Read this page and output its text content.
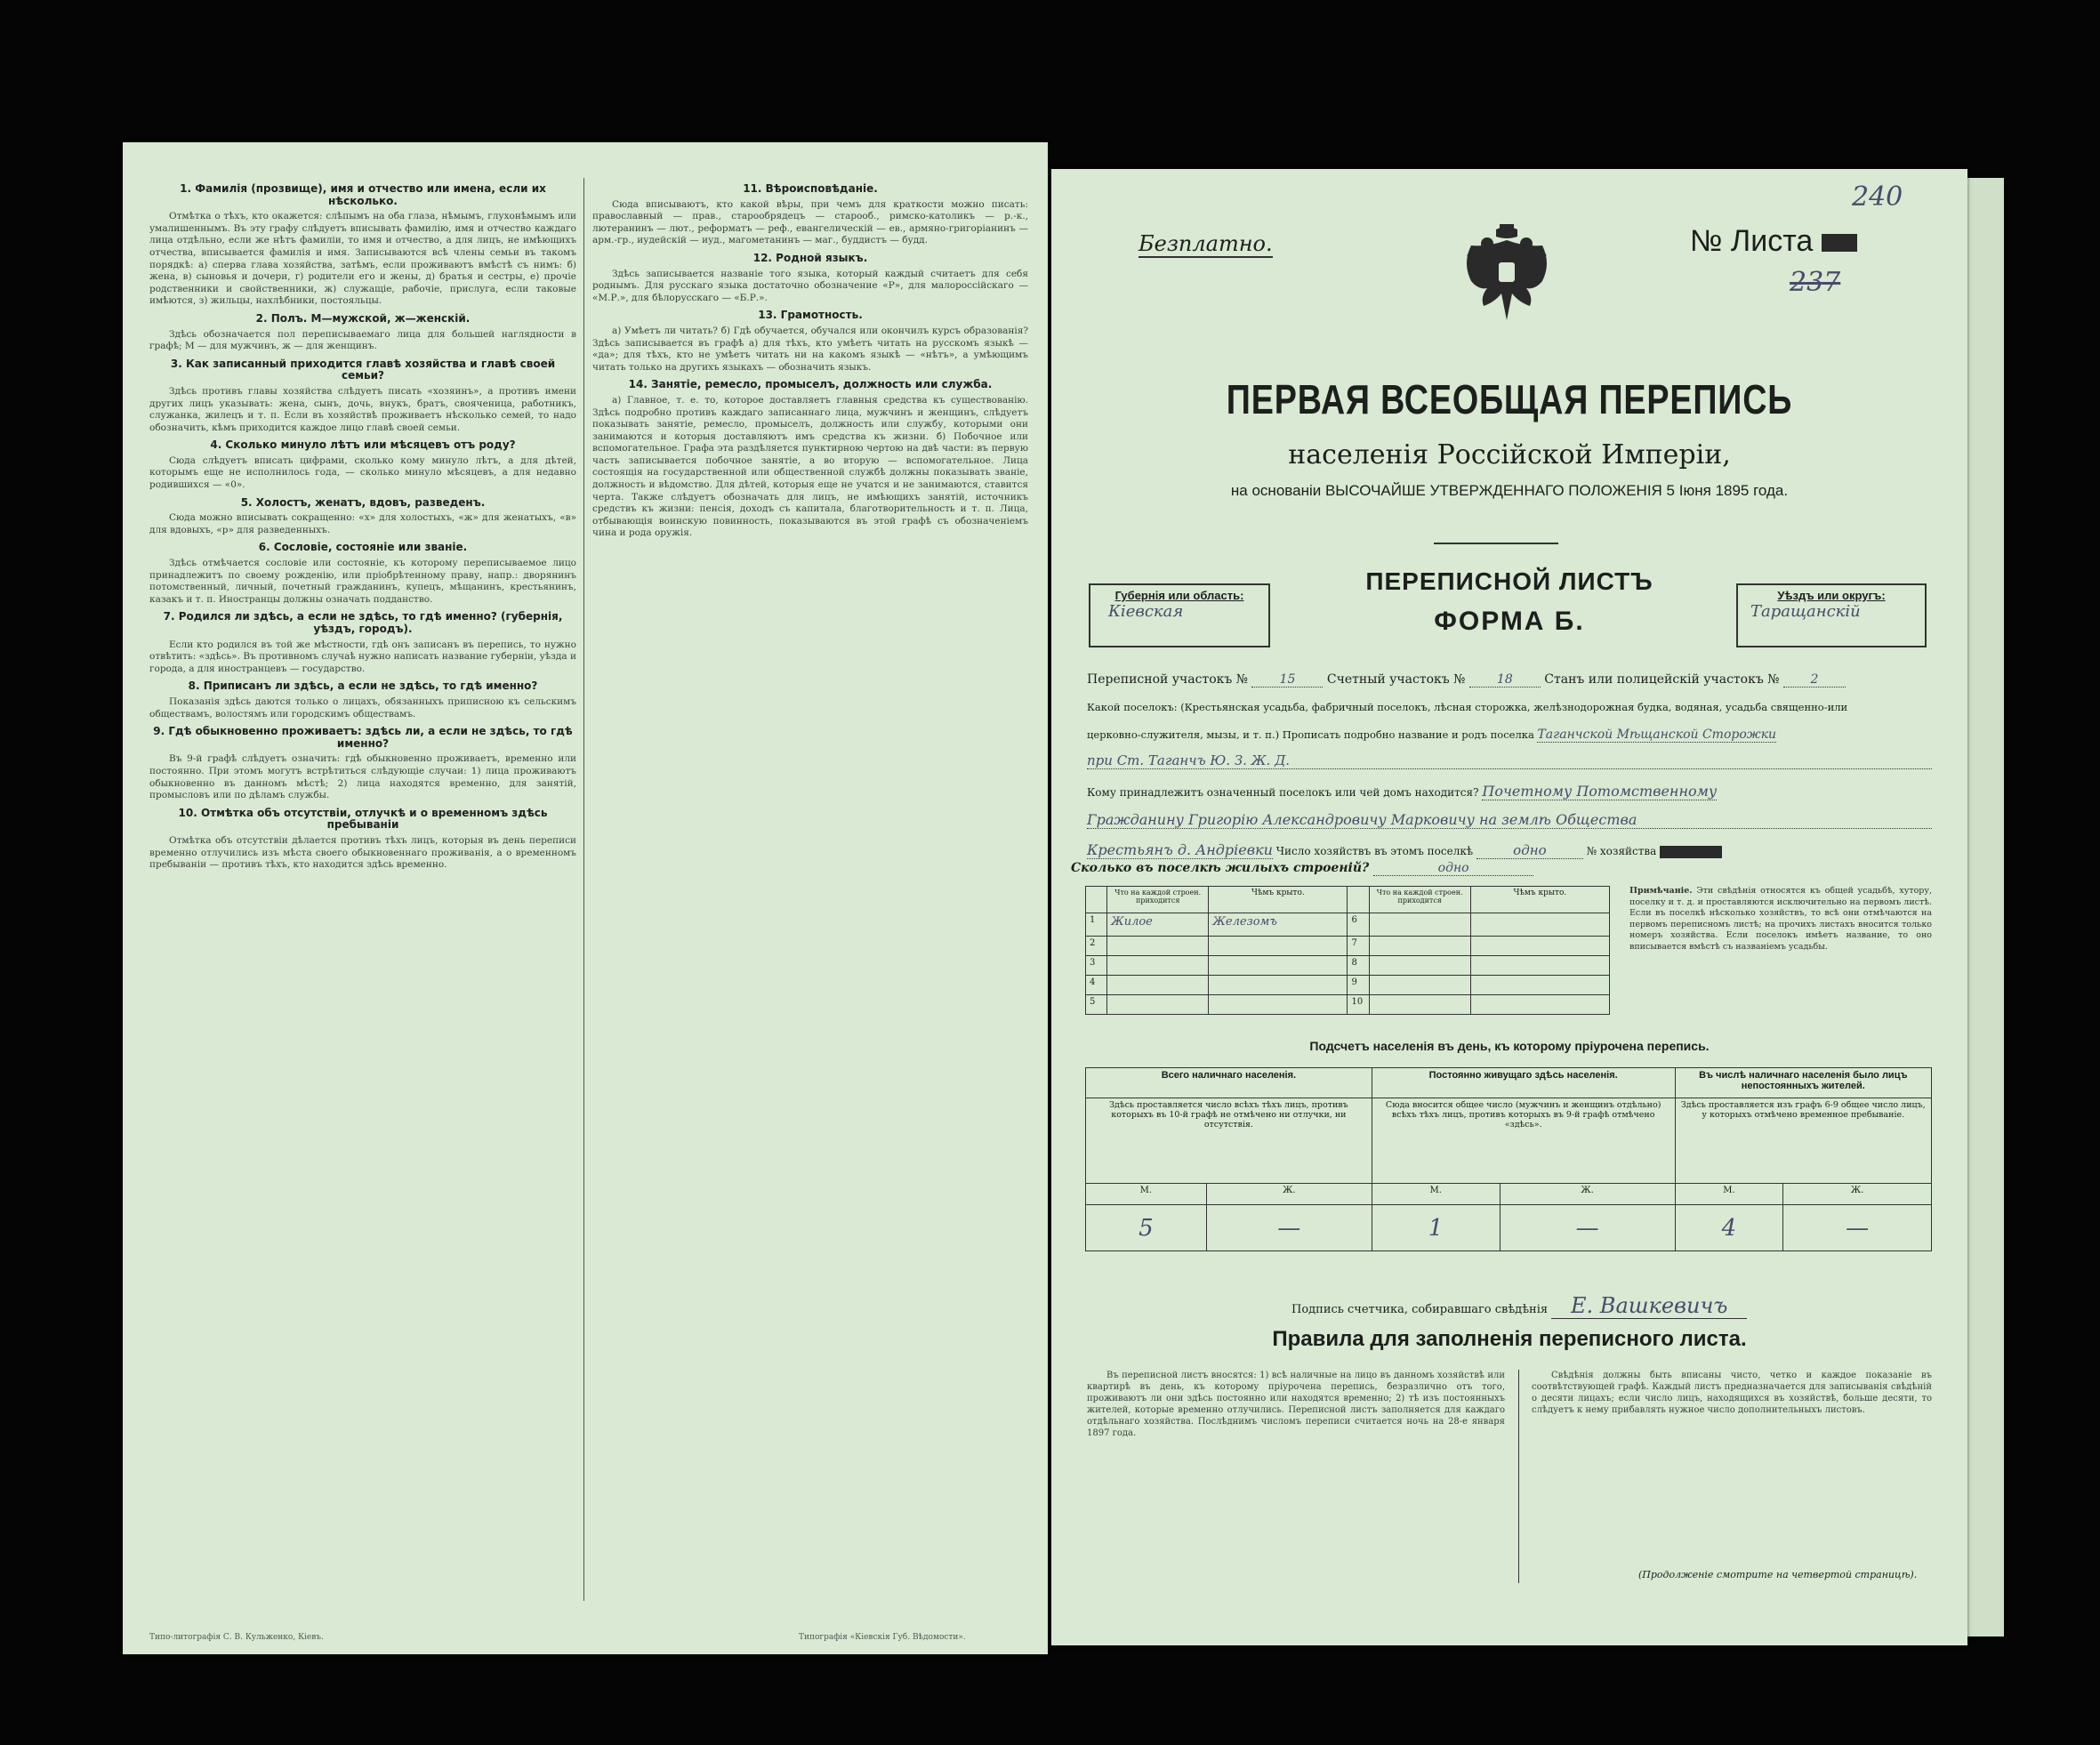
1. Фамилія (прозвище), имя и отчество или имена, если их нѣсколько.
Отмѣтка о тѣхъ, кто окажется: слѣпымъ на оба глаза, нѣмымъ, глухонѣмымъ или умалишеннымъ. Въ эту графу слѣдуетъ вписывать фамилію, имя и отчество каждаго лица отдѣльно, если же нѣтъ фамиліи, то имя и отчество, а для лицъ, не имѣющихъ отчества, вписывается фамилія и имя. Записываются всѣ члены семьи въ такомъ порядкѣ: а) сперва глава хозяйства, затѣмъ, если проживаютъ вмѣстѣ съ нимъ: б) жена, в) сыновья и дочери, г) родители его и жены, д) братья и сестры, е) прочіе родственники и свойственники, ж) служащіе, рабочіе, прислуга, если таковые имѣются, з) жильцы, нахлѣбники, постояльцы.
2. Полъ. М—мужской, ж—женскій.
Здѣсь обозначается пол переписываемаго лица для большей наглядности в графѣ; М — для мужчинъ, ж — для женщинъ.
3. Как записанный приходится главѣ хозяйства и главѣ своей семьи?
Здѣсь противъ главы хозяйства слѣдуетъ писать «хозяинъ», а противъ имени других лицъ указывать: жена, сынъ, дочь, внукъ, братъ, свояченица, работникъ, служанка, жилецъ и т. п. Если въ хозяйствѣ проживаетъ нѣсколько семей, то надо обозначить, кѣмъ приходится каждое лицо главѣ своей семьи.
4. Сколько минуло лѣтъ или мѣсяцевъ отъ роду?
Сюда слѣдуетъ вписать цифрами, сколько кому минуло лѣтъ, а для дѣтей, которымъ еще не исполнилось года, — сколько минуло мѣсяцевъ, а для недавно родившихся — «0».
5. Холостъ, женатъ, вдовъ, разведенъ.
Сюда можно вписывать сокращенно: «х» для холостыхъ, «ж» для женатыхъ, «в» для вдовыхъ, «р» для разведенныхъ.
6. Сословіе, состояніе или званіе.
Здѣсь отмѣчается сословіе или состояніе, къ которому переписываемое лицо принадлежитъ по своему рожденію, или пріобрѣтенному праву, напр.: дворянинъ потомственный, личный, почетный гражданинъ, купецъ, мѣщанинъ, крестьянинъ, казакъ и т. п. Иностранцы должны означать подданство.
7. Родился ли здѣсь, а если не здѣсь, то гдѣ именно? (губернія, уѣздъ, городъ).
Если кто родился въ той же мѣстности, гдѣ онъ записанъ въ перепись, то нужно отвѣтить: «здѣсь». Въ противномъ случаѣ нужно написать название губерніи, уѣзда и города, а для иностранцевъ — государство.
8. Приписанъ ли здѣсь, а если не здѣсь, то гдѣ именно?
Показанія здѣсь даются только о лицахъ, обязанныхъ приписною къ сельскимъ обществамъ, волостямъ или городскимъ обществамъ.
9. Гдѣ обыкновенно проживаетъ: здѣсь ли, а если не здѣсь, то гдѣ именно?
Въ 9-й графѣ слѣдуетъ означить: гдѣ обыкновенно проживаетъ, временно или постоянно. При этомъ могутъ встрѣтиться слѣдующіе случаи: 1) лица проживаютъ обыкновенно въ данномъ мѣстѣ; 2) лица находятся временно, для занятій, промысловъ или по дѣламъ службы.
10. Отмѣтка объ отсутствіи, отлучкѣ и о временномъ здѣсь пребываніи
Отмѣтка объ отсутствіи дѣлается противъ тѣхъ лицъ, которыя въ день переписи временно отлучились изъ мѣста своего обыкновеннаго проживанія, а о временномъ пребываніи — противъ тѣхъ, кто находится здѣсь временно.
11. Вѣроисповѣданіе.
Сюда вписываютъ, кто какой вѣры, при чемъ для краткости можно писать: православный — прав., старообрядецъ — старооб., римско-католикъ — р.-к., лютеранинъ — лют., реформатъ — реф., евангелическій — ев., армяно-григоріанинъ — арм.-гр., иудейскій — иуд., магометанинъ — маг., буддистъ — будд.
12. Родной языкъ.
Здѣсь записывается названіе того языка, который каждый считаетъ для себя роднымъ. Для русскаго языка достаточно обозначение «Р», для малороссійскаго — «М.Р.», для бѣлорусскаго — «Б.Р.».
13. Грамотность.
а) Умѣетъ ли читать? б) Гдѣ обучается, обучался или окончилъ курсъ образованія? Здѣсь записывается въ графѣ а) для тѣхъ, кто умѣетъ читать на русскомъ языкѣ — «да»; для тѣхъ, кто не умѣетъ читать ни на какомъ языкѣ — «нѣтъ», а умѣющимъ читать только на другихъ языкахъ — обозначить языкъ.
14. Занятіе, ремесло, промыселъ, должность или служба.
а) Главное, т. е. то, которое доставляетъ главныя средства къ существованію. Здѣсь подробно противъ каждаго записаннаго лица, мужчинъ и женщинъ, слѣдуетъ показывать занятіе, ремесло, промыселъ, должность или службу, которыми они занимаются и которыя доставляютъ имъ средства къ жизни. б) Побочное или вспомогательное. Графа эта раздѣляется пунктирною чертою на двѣ части: въ первую часть записывается побочное занятіе, а во вторую — вспомогательное. Лица состоящія на государственной или общественной службѣ должны показывать званіе, должность и вѣдомство. Для дѣтей, которыя еще не учатся и не занимаются, ставится черта. Также слѣдуетъ обозначать для лицъ, не имѣющихъ занятій, источникъ средствъ къ жизни: пенсія, доходъ съ капитала, благотворительность и т. п. Лица, отбывающія воинскую повинность, показываются въ этой графѣ съ обозначеніемъ чина и рода оружія.
Типо-литографія С. В. Кульженко, Кіевъ.	Типографія «Кіевскія Губ. Вѣдомости».
240
Безплатно.	№ Листа
237
ПЕРВАЯ ВСЕОБЩАЯ ПЕРЕПИСЬ
населенія Россійской Имперіи,
на основаніи ВЫСОЧАЙШЕ УТВЕРЖДЕННАГО ПОЛОЖЕНІЯ 5 Іюня 1895 года.
Губернія или область:
Кіевская
ПЕРЕПИСНОЙ ЛИСТЪ
ФОРМА Б.
Уѣздъ или округъ:
Таращанскій
Переписной участокъ №	15	Счетный участокъ №	18	Станъ или полицейскій участокъ № 2
Какой поселокъ: (Крестьянская усадьба, фабричный поселокъ, лѣсная сторожка, желѣзнодорожная будка, водяная, усадьба священно-или
церковно-служителя, мызы, и т. п.) Прописать подробно название и родъ поселка Таганчской Мѣщанской Сторожки
при Ст. Таганчъ Ю. З. Ж. Д.
Кому принадлежитъ означенный поселокъ или чей домъ находится? Почетному Потомственному
Гражданину Григорію Александровичу Марковичу на землѣ Общества
Крестьянъ д. Андріевки Число хозяйствъ въ этомъ поселкѣ	одно	№ хозяйства
Сколько въ поселкѣ жилыхъ строеній?	одно
	Что на каждой строен. приходится	Чѣмъ крыто.		Что на каждой строен. приходится	Чѣмъ крыто.
1	Жилое	Железомъ	6		
2			7		
3			8		
4			9		
5			10		
Примѣчаніе. Эти свѣдѣнія относятся къ общей усадьбѣ, хутору, поселку и т. д. и проставляются исключительно на первомъ листѣ. Если въ поселкѣ нѣсколько хозяйствъ, то всѣ они отмѣчаются на первомъ переписномъ листѣ; на прочихъ листахъ вносится только номеръ хозяйства. Если поселокъ имѣетъ название, то оно вписывается вмѣстѣ съ названіемъ усадьбы.
Подсчетъ населенія въ день, къ которому пріурочена перепись.
Всего наличнаго населенія.		Постоянно живущаго здѣсь населенія.		Въ числѣ наличнаго населенія было лицъ непостоянныхъ жителей.	
Здѣсь проставляется число всѣхъ тѣхъ лицъ, противъ которыхъ въ 10-й графѣ не отмѣчено ни отлучки, ни отсутствія.		Сюда вносится общее число (мужчинъ и женщинъ отдѣльно) всѣхъ тѣхъ лицъ, противъ которыхъ въ 9-й графѣ отмѣчено «здѣсь».		Здѣсь проставляется изъ графъ 6-9 общее число лицъ, у которыхъ отмѣчено временное пребываніе.	
М.	Ж.	М.	Ж.	М.	Ж.
5	—	1	—	4	—
Подпись счетчика, собиравшаго свѣдѣнія Е. Вашкевичъ
Правила для заполненія переписного листа.
Въ переписной листъ вносятся: 1) всѣ наличные на лицо въ данномъ хозяйствѣ или квартирѣ въ день, къ которому пріурочена перепись, безразлично отъ того, проживаютъ ли они здѣсь постоянно или находятся временно; 2) тѣ изъ постоянныхъ жителей, которые временно отлучились. Переписной листъ заполняется для каждаго отдѣльнаго хозяйства. Послѣднимъ числомъ переписи считается ночь на 28-е января 1897 года.
Свѣдѣнія должны быть вписаны чисто, четко и каждое показаніе въ соотвѣтствующей графѣ. Каждый листъ предназначается для записыванія свѣдѣній о десяти лицахъ; если число лицъ, находящихся въ хозяйствѣ, больше десяти, то слѣдуетъ к нему прибавлять нужное число дополнительныхъ листовъ.
(Продолженіе смотрите на четвертой страницѣ).
